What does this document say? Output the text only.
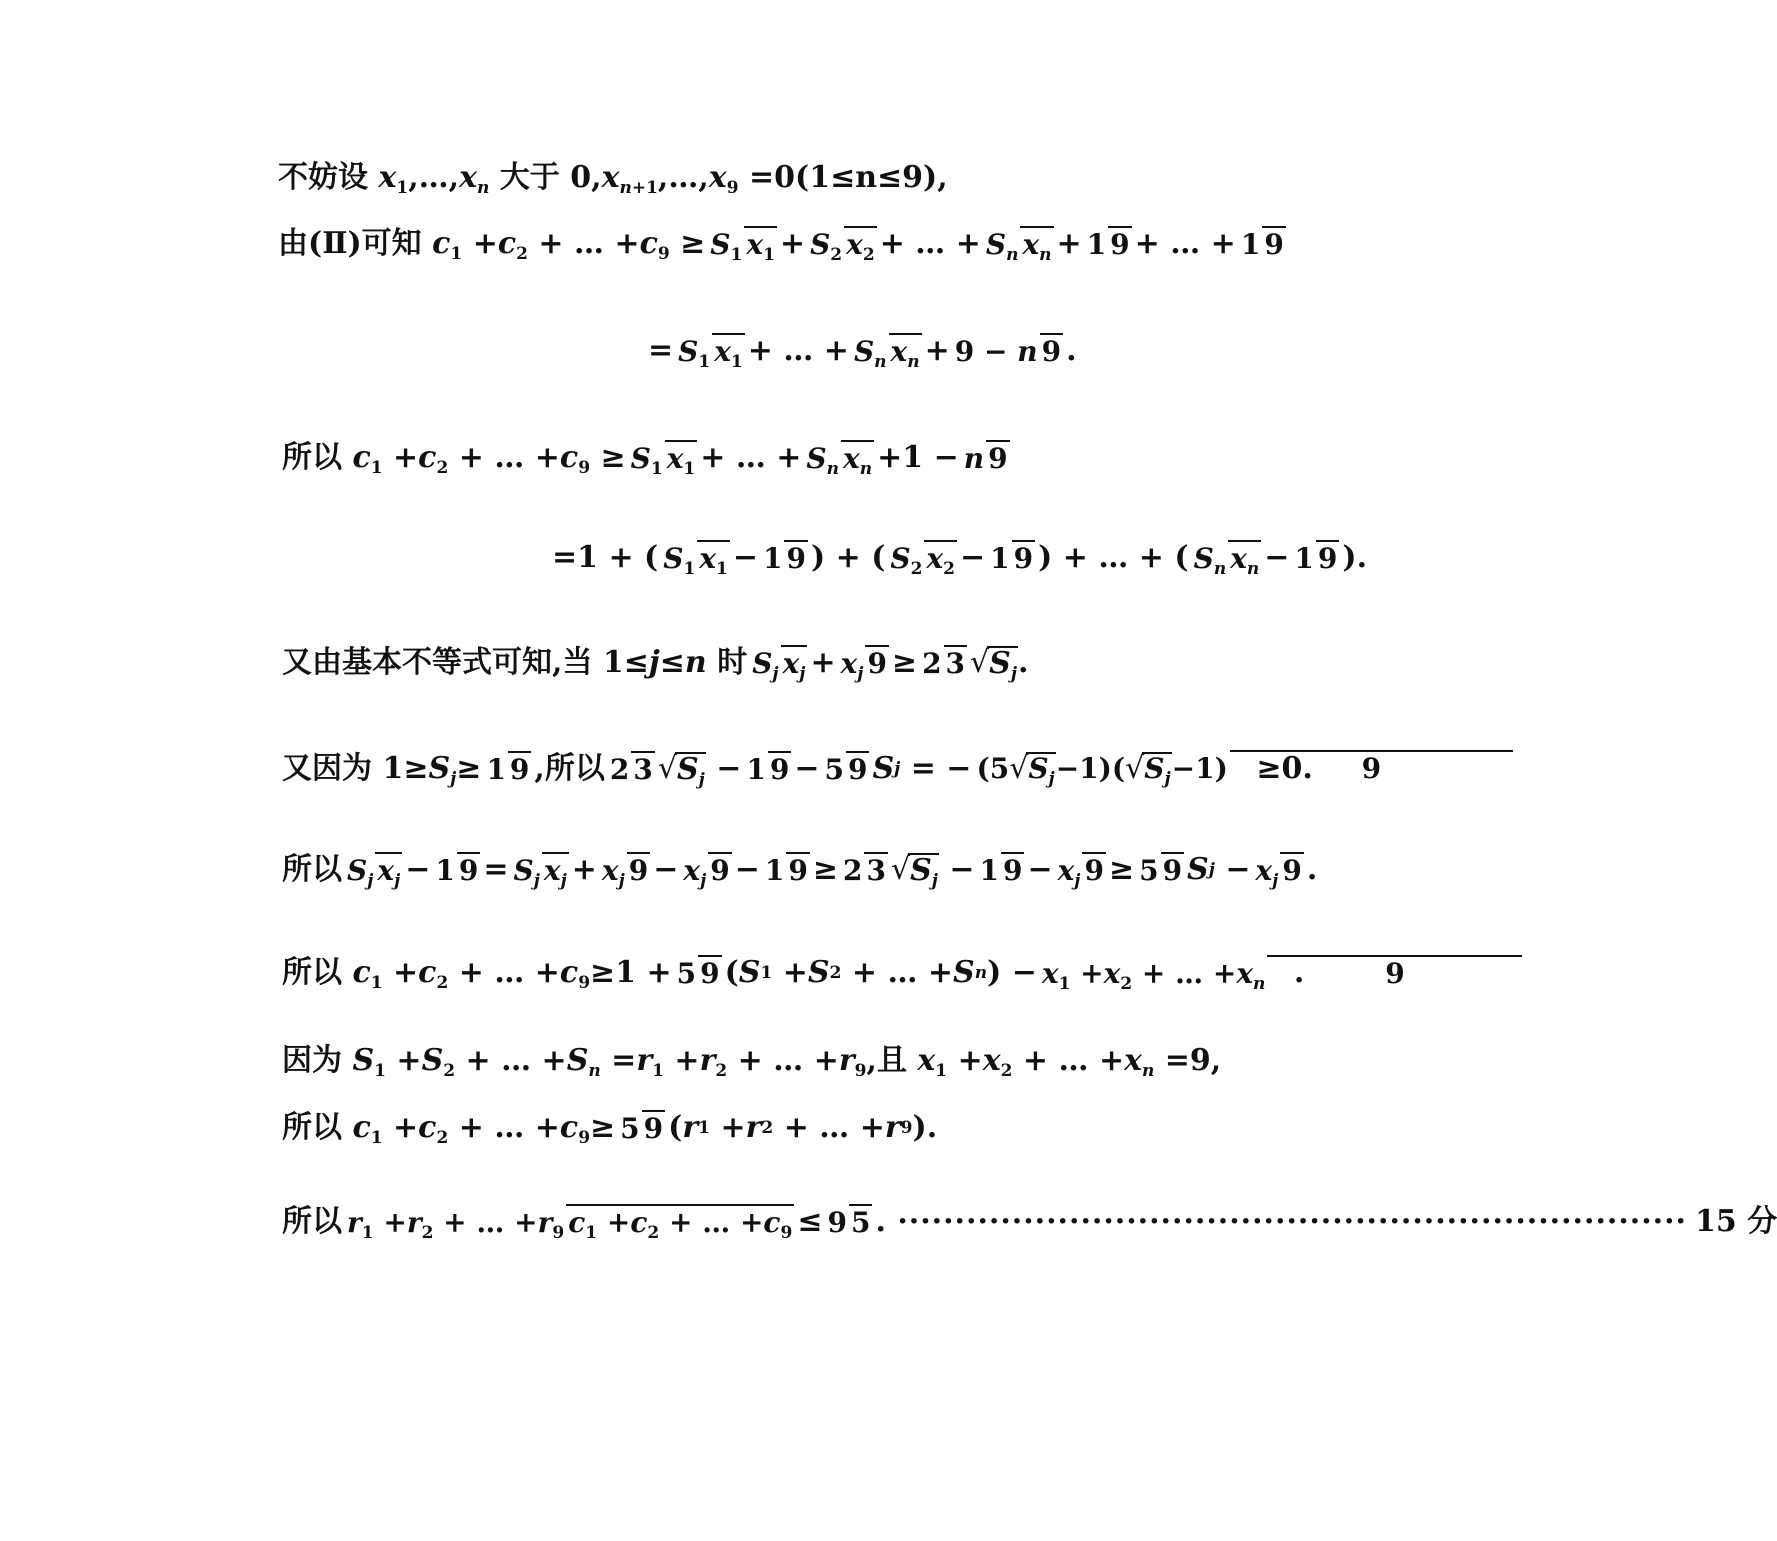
不妨设 $x_1,\dots,x_n$ 大于 $0,x_{n+1},\dots,x_9 =0$ (1≤n≤9),
由(Ⅱ)可知 $c_1 +c_2$ + … $+c_9 \ge S_1$ $x_1 + S_2$ $x_2$ + … + $S_n$ $x_n + 1$ 9 + … + 1 9
= $S_1$ $x_1$ + … + $S_n$ $x_n + 9 - n$ 9 .
所以 $c_1 +c_2$ + … $+c_9 \ge S_1$ $x_1$ + … + $S_n$ $x_n +1 - n$ 9
=1 + ( $S_1$ $x_1 - 1$ 9 ) + ( $S_2$ $x_2 - 1$ 9 ) + … + ( $S_n$ $x_n - 1$ 9 ).
又由基本不等式可知,当 1≤j≤n 时 $S_j$ $x_j + x_j$ 9 ≥ 2 3 √ $S_j$ .
又因为 $1\ge S_j\ge 1$ 9 ,所以 2 3 √ $S_j - 1$ 9 − 5 9 S j = − $(5√S_j-1)(√S_j-1)$	9
≥0.
所以 $S_j$ $x_j - 1$ $9 = S_j$ $x_j + x_j$ $9 - x_j$ 9 − 1 9 ≥ 2 3 √ $S_j - 1$ $9 - x_j$ 9 ≥ 5 9 S $j - x_j$ 9 .
所以 $c_1 +c_2$ + … $+c_9\ge 1 + 5$ 9 ( S 1 + S 2 + … + S n ) − $x_1 +x_2$ + … $+x_n$	9
.
因为 $S_1 +S_2$ + … $+S_n =r_1 +r_2$ + … $+r_9$ ,且 $x_1 +x_2$ + … $+x_n =9$,
所以 $c_1 +c_2$ + … $+c_9\ge 5$ 9 ( r 1 + r 2 + … + r 9 ).
所以 $r_1 +r_2$ + … $+r_9$ $c_1 +c_2$ + … $+c_9 \le 9$ 5 . ····································································· 15 分
